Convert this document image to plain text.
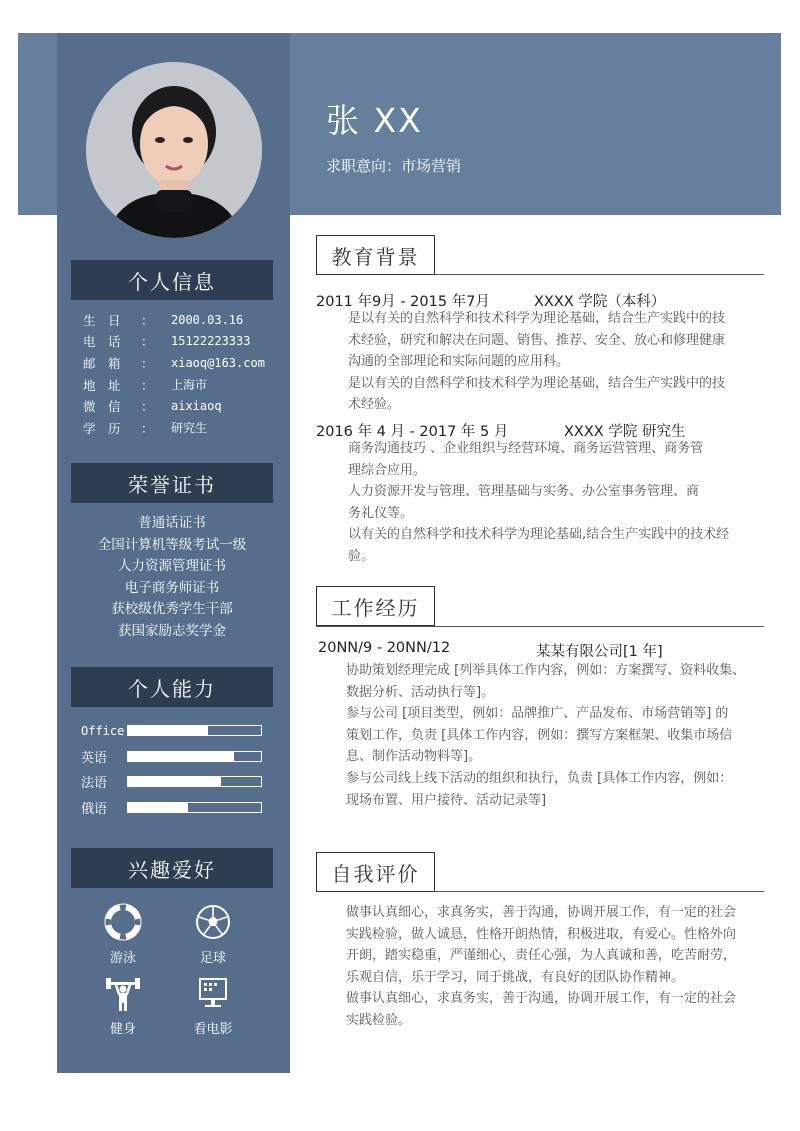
张 XX
求职意向：市场营销
个人信息
生　日	：	2000.03.16
电　话	：	15122223333
邮　箱	：	xiaoq@163.com
地　址	：	上海市
微　信	：	aixiaoq
学　历	：	研究生
荣誉证书
普通话证书
全国计算机等级考试一级
人力资源管理证书
电子商务师证书
获校级优秀学生干部
获国家励志奖学金
个人能力
Office
英语
法语
俄语
兴趣爱好
游泳	足球
健身	看电影
教育背景
2011 年9月 - 2015 年7月	XXXX 学院（本科）
是以有关的自然科学和技术科学为理论基础，结合生产实践中的技
术经验，研究和解决在问题、销售、推荐、安全、放心和修理健康
沟通的全部理论和实际问题的应用科。
是以有关的自然科学和技术科学为理论基础，结合生产实践中的技
术经验。
2016 年 4 月 - 2017 年 5 月	XXXX 学院 研究生
商务沟通技巧 、企业组织与经营环境、商务运营管理、商务管
理综合应用。
人力资源开发与管理、管理基础与实务、办公室事务管理、商
务礼仪等。
以有关的自然科学和技术科学为理论基础,结合生产实践中的技术经
验。
工作经历
20NN/9 - 20NN/12	某某有限公司[1 年]
协助策划经理完成 [列举具体工作内容，例如：方案撰写、资料收集、
数据分析、活动执行等]。
参与公司 [项目类型，例如：品牌推广、产品发布、市场营销等] 的
策划工作，负责 [具体工作内容，例如：撰写方案框架、收集市场信
息、制作活动物料等]。
参与公司线上线下活动的组织和执行，负责 [具体工作内容，例如：
现场布置、用户接待、活动记录等]
自我评价
做事认真细心，求真务实，善于沟通，协调开展工作，有一定的社会
实践检验，做人诚恳，性格开朗热情，积极进取，有爱心。性格外向
开朗，踏实稳重，严谨细心，责任心强，为人真诚和善，吃苦耐劳，
乐观自信，乐于学习，同于挑战，有良好的团队协作精神。
做事认真细心，求真务实，善于沟通，协调开展工作，有一定的社会
实践检验。
